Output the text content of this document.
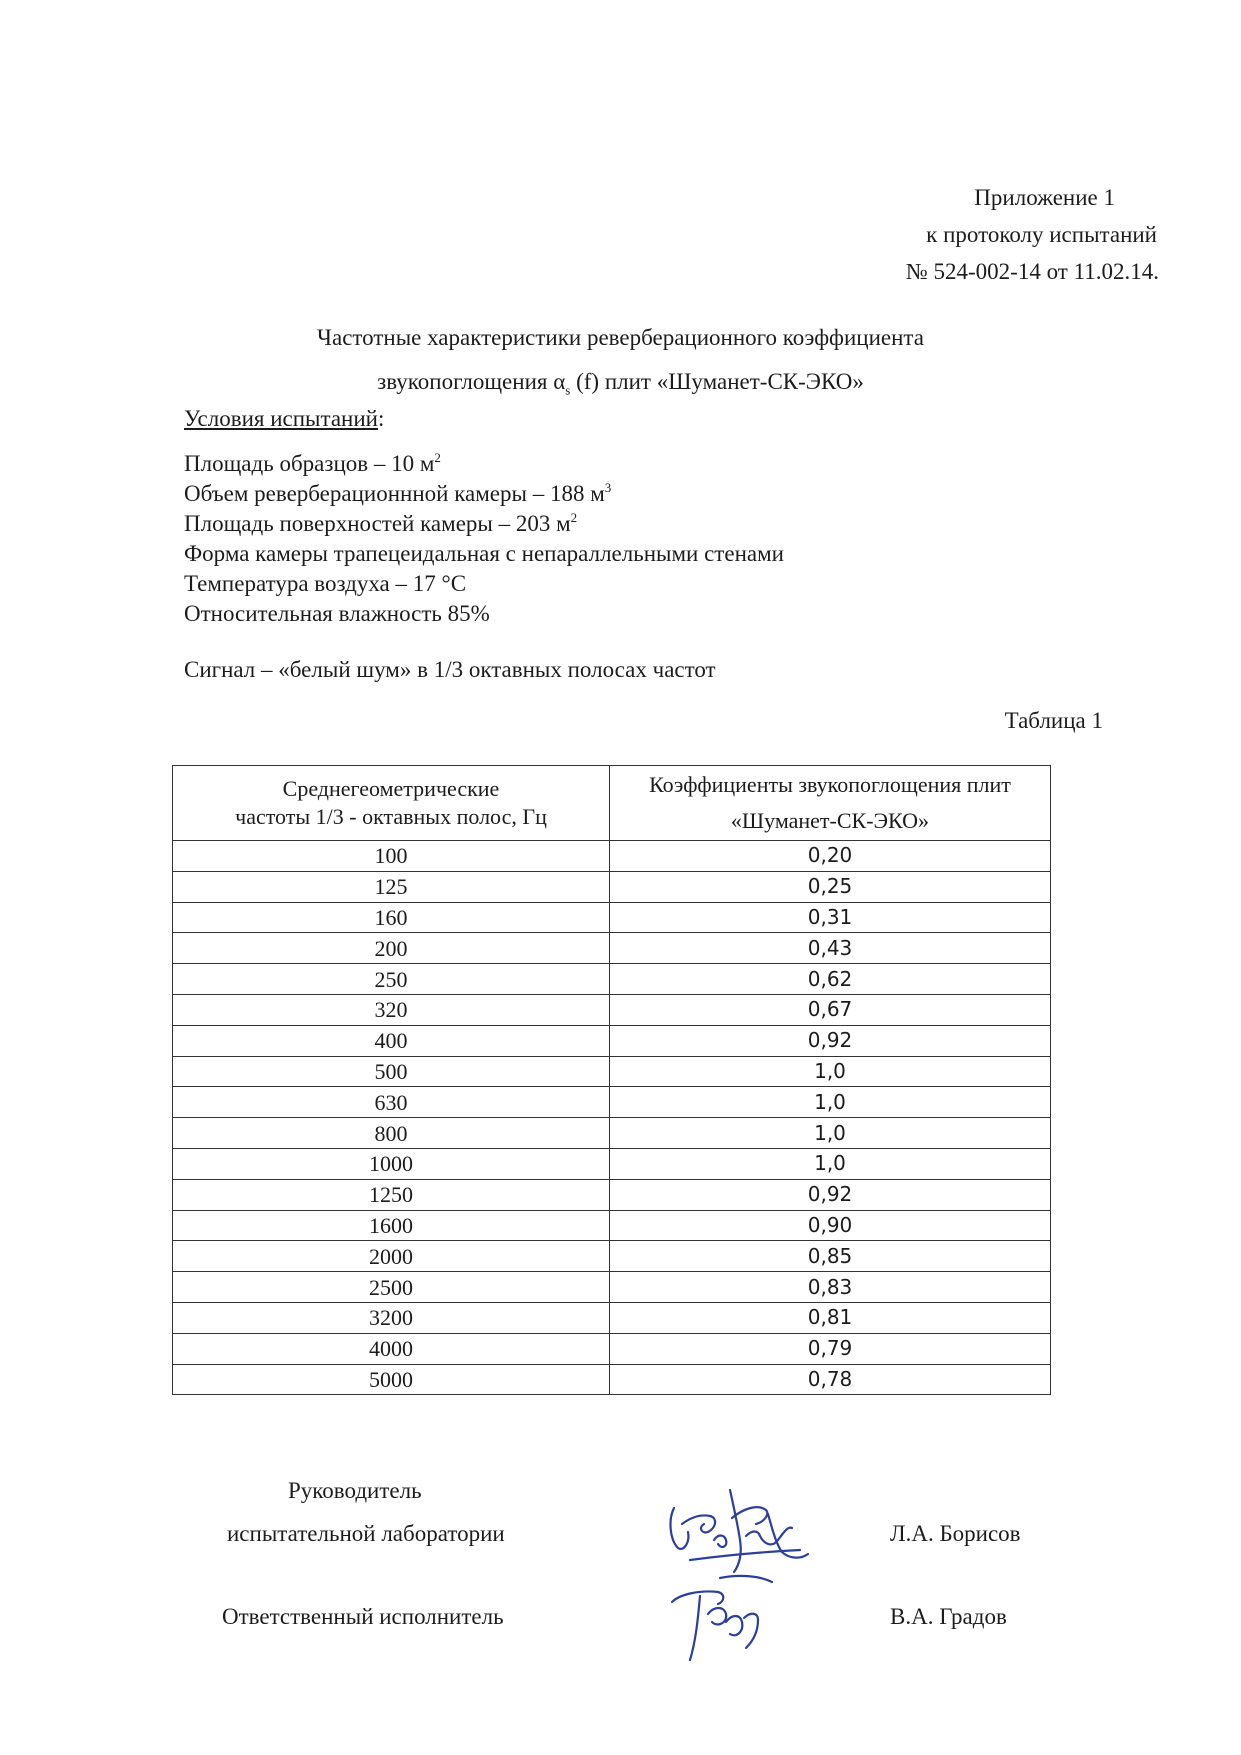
Приложение 1
к протоколу испытаний
№ 524-002-14 от 11.02.14.
Частотные характеристики реверберационного коэффициента
звукопоглощения $\alpha_s$ (f) плит «Шуманет-СК-ЭКО»
Условия испытаний:
Площадь образцов – 10 $м^2$
Объем реверберационнной камеры – 188 $м^3$
Площадь поверхностей камеры – 203 $м^2$
Форма камеры трапецеидальная с непараллельными стенами
Температура воздуха – 17 °С
Относительная влажность 85%
Сигнал – «белый шум» в 1/3 октавных полосах частот
Таблица 1
Среднегеометрические
частоты 1/3 - октавных полос, Гц	Коэффициенты звукопоглощения плит
«Шуманет-СК-ЭКО»
100	0,20
125	0,25
160	0,31
200	0,43
250	0,62
320	0,67
400	0,92
500	1,0
630	1,0
800	1,0
1000	1,0
1250	0,92
1600	0,90
2000	0,85
2500	0,83
3200	0,81
4000	0,79
5000	0,78
Руководитель
испытательной лаборатории	Л.А. Борисов
Ответственный исполнитель	В.А. Градов
